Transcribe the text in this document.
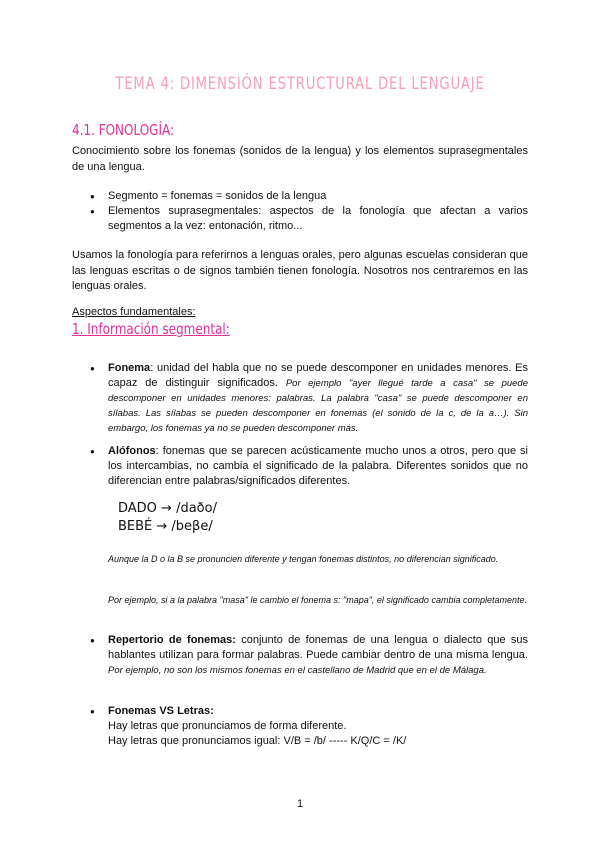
TEMA 4: DIMENSIÓN ESTRUCTURAL DEL LENGUAJE
4.1. FONOLOGÍA:
Conocimiento sobre los fonemas (sonidos de la lengua) y los elementos suprasegmentales de una lengua.
● Segmento = fonemas = sonidos de la lengua
● Elementos suprasegmentales: aspectos de la fonología que afectan a varios segmentos a la vez: entonación, ritmo...
Usamos la fonología para referirnos a lenguas orales, pero algunas escuelas consideran que las lenguas escritas o de signos también tienen fonología. Nosotros nos centraremos en las lenguas orales.
Aspectos fundamentales:
1. Información segmental:
● Fonema: unidad del habla que no se puede descomponer en unidades menores. Es capaz de distinguir significados. Por ejemplo "ayer llegué tarde a casa" se puede descomponer en unidades menores: palabras. La palabra "casa" se puede descomponer en sílabas. Las sílabas se pueden descomponer en fonemas (el sonido de la c, de la a…). Sin embargo, los fonemas ya no se pueden descomponer más.
● Alófonos: fonemas que se parecen acústicamente mucho unos a otros, pero que si los intercambias, no cambia el significado de la palabra. Diferentes sonidos que no diferencian entre palabras/significados diferentes.
DADO → /daðo/
BEBÉ → /beβe/
Aunque la D o la B se pronuncien diferente y tengan fonemas distintos, no diferencian significado.
Por ejemplo, si a la palabra "masa" le cambio el fonema s: "mapa", el significado cambia completamente.
● Repertorio de fonemas: conjunto de fonemas de una lengua o dialecto que sus hablantes utilizan para formar palabras. Puede cambiar dentro de una misma lengua. Por ejemplo, no son los mismos fonemas en el castellano de Madrid que en el de Málaga.
● Fonemas VS Letras:
Hay letras que pronunciamos de forma diferente.
Hay letras que pronunciamos igual: V/B = /b/ ----- K/Q/C = /K/
1
